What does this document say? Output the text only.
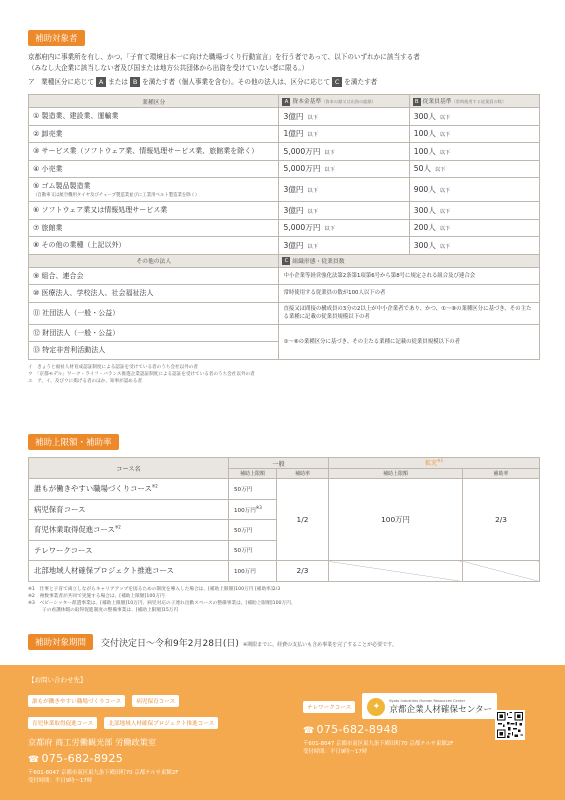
補助対象者
京都府内に事業所を有し、かつ、「子育て環境日本一に向けた職場づくり行動宣言」を行う者であって、以下のいずれかに該当する者
（みなし大企業に該当しない者及び国または地方公共団体から出資を受けていない者に限る。）
ア　業種区分に応じて A または B を満たす者（個人事業を含む）。その他の法人は、区分に応じて C を満たす者
業種区分	A 資本金基準（資本の額又は出資の総額）	B 従業員基準（常時使用する従業員の数）
① 製造業、建設業、運輸業	3億円 以下	300人 以下
② 卸売業	1億円 以下	100人 以下
③ サービス業（ソフトウェア業、情報処理サービス業、旅館業を除く）	5,000万円 以下	100人 以下
④ 小売業	5,000万円 以下	50人 以下
⑤ ゴム製品製造業
（自動車又は航空機用タイヤ及びチューブ製造業並びに工業用ベルト製造業を除く）	3億円 以下	900人 以下
⑥ ソフトウェア業又は情報処理サービス業	3億円 以下	300人 以下
⑦ 旅館業	5,000万円 以下	200人 以下
⑧ その他の業種（上記以外）	3億円 以下	300人 以下
その他の法人	C 組織形態・従業員数	
⑨ 組合、連合会	中小企業等経営強化法第2条第1項第6号から第8号に規定される組合及び連合会	
⑩ 医療法人、学校法人、社会福祉法人	常時使用する従業員の数が100人以下の者	
⑪ 社団法人（一般・公益）	直接又は間接の構成員の3分の2以上が中小企業者であり、かつ、①～⑧の業種区分に基づき、その主たる業種に記載の従業員規模以下の者	
⑫ 財団法人（一般・公益）	①～⑧の業種区分に基づき、その主たる業種に記載の従業員規模以下の者	
⑬ 特定非営利活動法人		
イ　きょうと福祉人材育成認証制度による認証を受けている者のうち会社以外の者
ウ　「京都モデル」ワーク・ライフ・バランス推進企業認証制度による認証を受けている者のうち会社以外の者
エ　ア、イ、及びウに掲げる者のほか、知事が認める者
補助上限額・補助率
コース名	一般		拡充$^{※1}$
	補助上限額	補助率	補助上限額	補助率
誰もが働きやすい職場づくりコース$^{※2}$	50万円	1/2	100万円	2/3
病児保育コース	100万円$^{※3}$
育児休業取得促進コース$^{※2}$	50万円			
テレワークコース	50万円			
北部地域人材確保プロジェクト推進コース	100万円	2/3		
※1　仕事と子育て両立しながらキャリアアップを図るための制度を導入した場合は、[補助上限額]100万円 [補助率]2/3
※2　複数事業者が共同で実施する場合は、[補助上限額]100万円
※3　ベビーシッター派遣事業は、[補助上限額]10万円、病児対応の子連れ出勤スペースの整備事業は、[補助上限額]100万円、
子の看護休暇の取得促進制度の整備事業は、[補助上限額]15万円
補助対象期間	交付決定日～令和9年2月28日(日) ※期限までに、経費の支払いも含め事業を完了することが必要です。
【お問い合わせ先】
誰もが働きやすい職場づくりコース	病児保育コース
育児休業取得促進コース	北部地域人材確保プロジェクト推進コース
京都府 商工労働観光部 労働政策室
☎ 075-682-8925
〒601-8047 京都市南区東九条下殿田町70 京都テルサ東館2F
受付時間：平日9時～17時
テレワークコース	✦
Kyoto Industries Human Resources Center
京都企業人材確保センター
☎ 075-682-8948
〒601-8047 京都市南区東九条下殿田町70 京都テルサ東館2F
受付時間：平日9時～17時
